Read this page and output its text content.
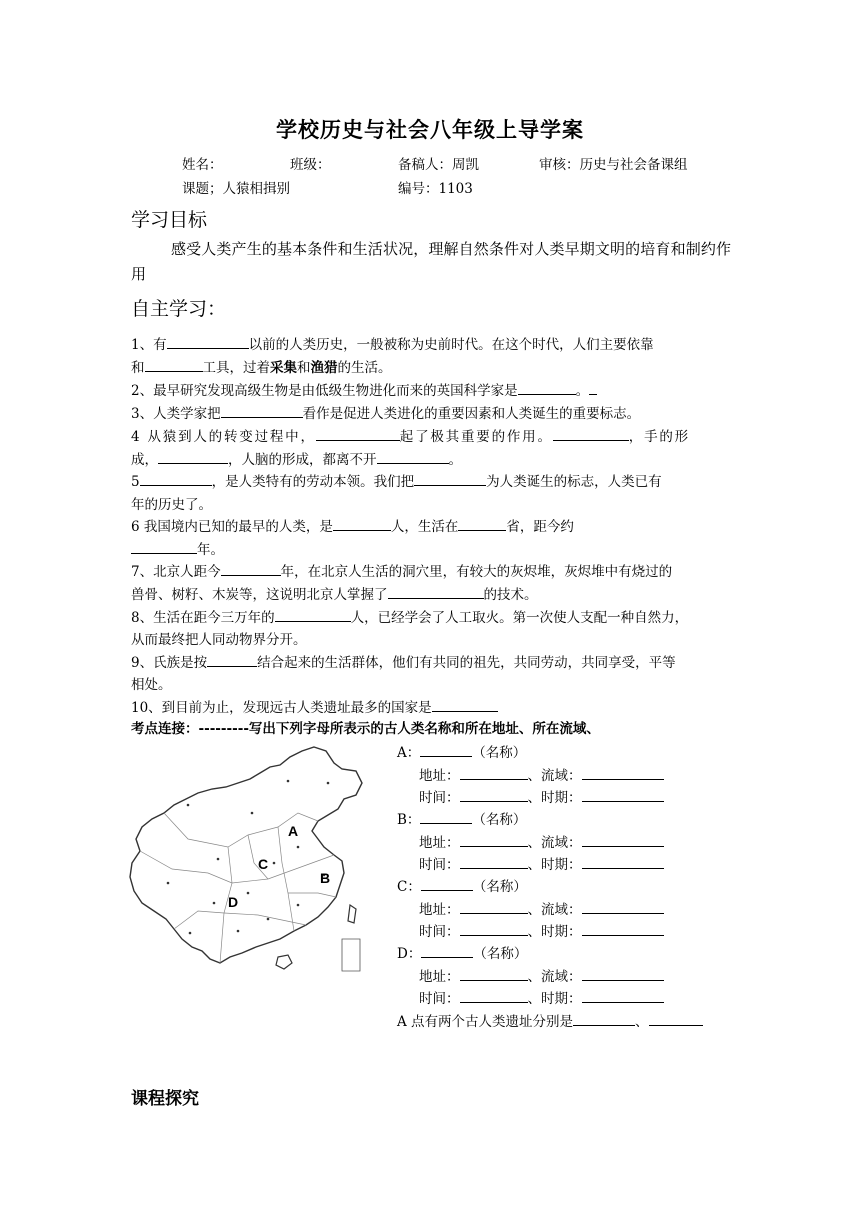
学校历史与社会八年级上导学案
姓名：	班级：	备稿人：周凯	审核：历史与社会备课组
课题；人猿相揖别	编号：1103
学习目标
感受人类产生的基本条件和生活状况，理解自然条件对人类早期文明的培育和制约作用
自主学习：
1、有	以前的人类历史，一般被称为史前时代。在这个时代，人们主要依靠
和	工具，过着采集和渔猎的生活。
2、最早研究发现高级生物是由低级生物进化而来的英国科学家是	。
3、人类学家把	看作是促进人类进化的重要因素和人类诞生的重要标志。
4 从猿到人的转变过程中，	起了极其重要的作用。	，手的形
成，	，人脑的形成，都离不开	。
5	，是人类特有的劳动本领。我们把	为人类诞生的标志，人类已有
年的历史了。
6 我国境内已知的最早的人类，是	人，生活在	省，距今约
年。
7、北京人距今	年，在北京人生活的洞穴里，有较大的灰烬堆，灰烬堆中有烧过的
兽骨、树籽、木炭等，这说明北京人掌握了	的技术。
8、生活在距今三万年的	人，已经学会了人工取火。第一次使人支配一种自然力，
从而最终把人同动物界分开。
9、氏族是按	结合起来的生活群体，他们有共同的祖先，共同劳动，共同享受，平等
相处。
10、到目前为止，发现远古人类遗址最多的国家是
考点连接：---------写出下列字母所表示的古人类名称和所在地址、所在流域、
A
C
B
D
A：	（名称）
地址：	、流域：
时间：	、时期：
B：	（名称）
地址：	、流域：
时间：	、时期：
C：	（名称）
地址：	、流域：
时间：	、时期：
D：	（名称）
地址：	、流域：
时间：	、时期：
A 点有两个古人类遗址分别是	、
课程探究
